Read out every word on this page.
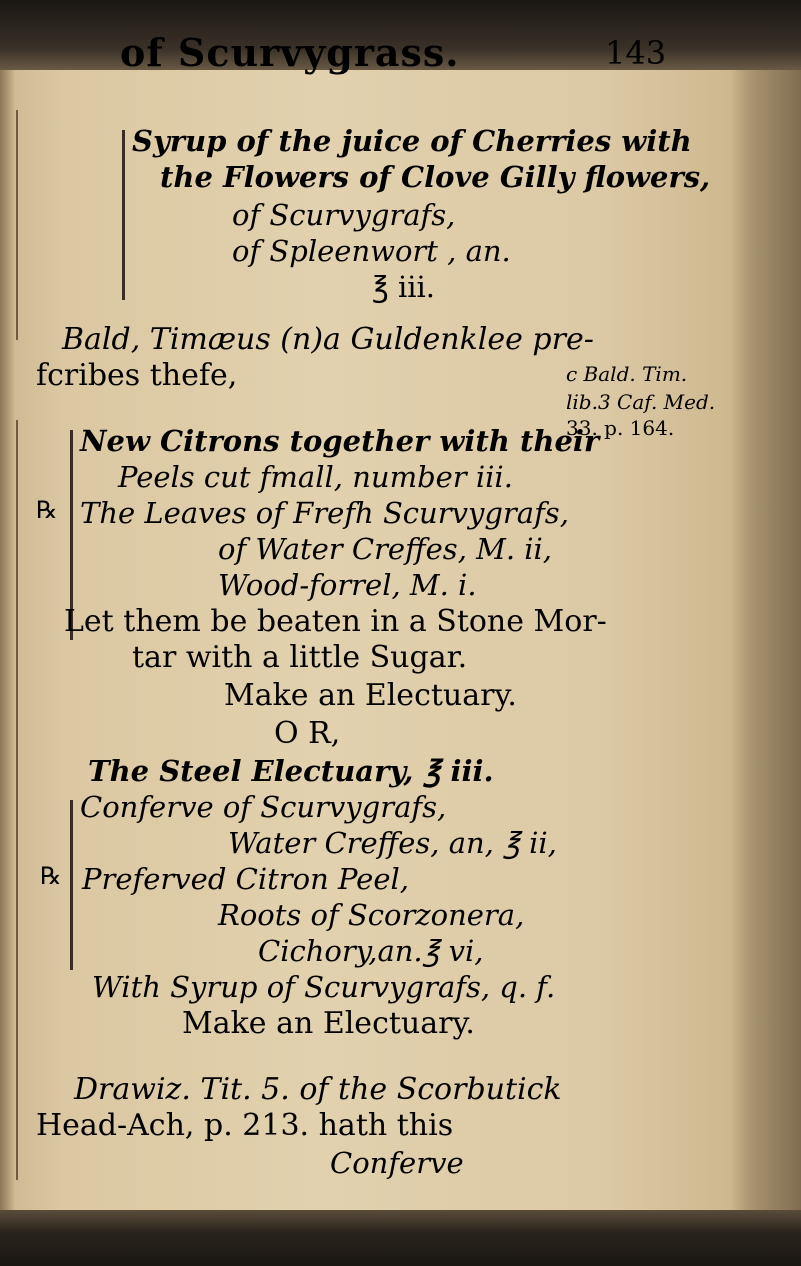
of Scurvygrass.	143
Syrup of the juice of Cherries with
the Flowers of Clove Gilly flowers,
of Scurvygrafs,
of Spleenwort , an.
℥ iii.
Bald, Timæus (n)a Guldenklee pre-
fcribes thefe,	c Bald. Tim.
lib.3 Caf. Med.
33. p. 164.
New Citrons together with their
Peels cut fmall, number iii.
℞ The Leaves of Frefh Scurvygrafs,
of Water Creffes, M. ii,
Wood-forrel, M. i.
Let them be beaten in a Stone Mor-
tar with a little Sugar.
Make an Electuary.
O R,
The Steel Electuary, ℥ iii.
Conferve of Scurvygrafs,
Water Creffes, an, ℥ ii,
℞ Preferved Citron Peel,
Roots of Scorzonera,
Cichory,an.℥ vi,
With Syrup of Scurvygrafs, q. f.
Make an Electuary.
Drawiz. Tit. 5. of the Scorbutick
Head-Ach, p. 213. hath this
Conferve
